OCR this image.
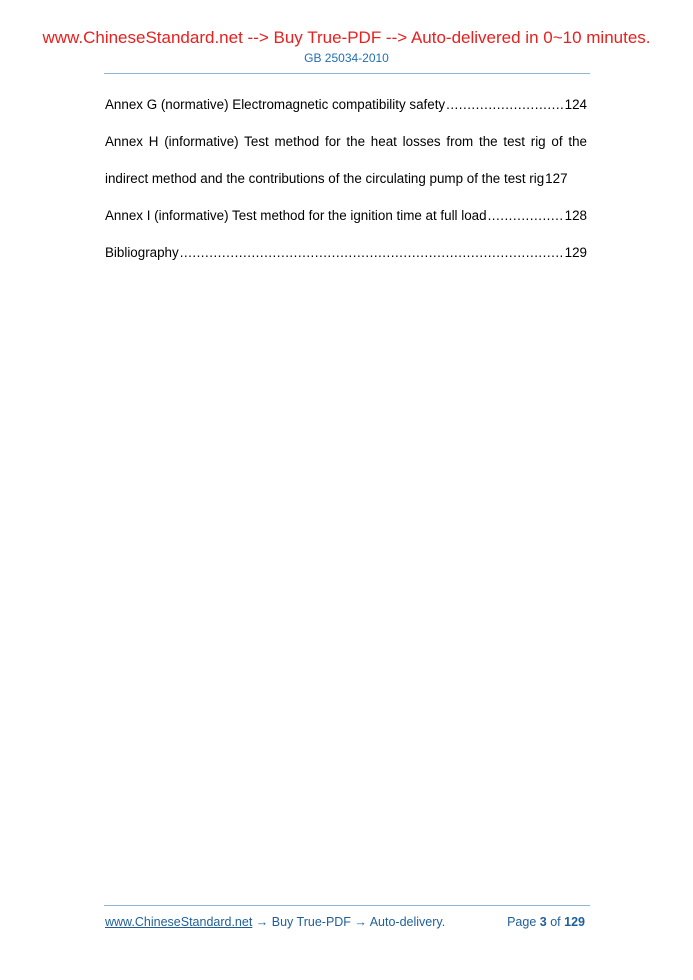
www.ChineseStandard.net --> Buy True-PDF --> Auto-delivered in 0~10 minutes.
GB 25034-2010
Annex G (normative) Electromagnetic compatibility safety .....	124
Annex H (informative) Test method for the heat losses from the test rig of the
indirect method and the contributions of the circulating pump of the test rig 127
Annex I (informative) Test method for the ignition time at full load .....	128
Bibliography .....	129
www.ChineseStandard.net → Buy True-PDF → Auto-delivery.	Page 3 of 129
